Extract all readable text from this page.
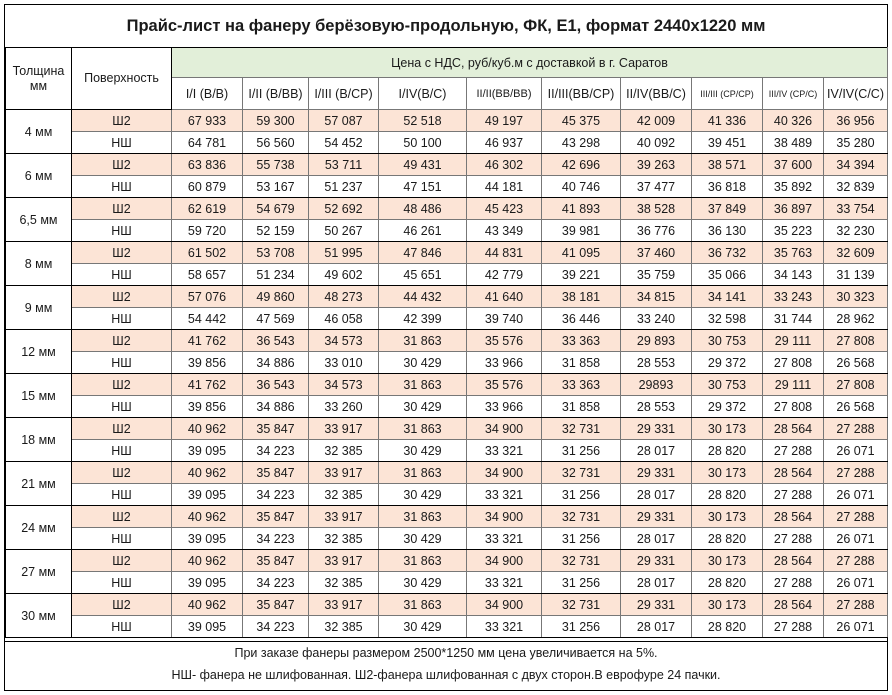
Прайс-лист на фанеру берёзовую-продольную, ФК, Е1, формат 2440х1220 мм
Толщина мм	Поверхность	Цена с НДС, руб/куб.м с доставкой в г. Саратов									
		I/I (B/B)	I/II (B/BB)	I/III (B/CP)	I/IV(B/C)	II/II(BB/BB)	II/III(BB/CP)	II/IV(BB/C)	III/III (CP/CP)	III/IV (CP/C)	IV/IV(C/C)
4 мм	Ш2	67 933	59 300	57 087	52 518	49 197	45 375	42 009	41 336	40 326	36 956
	НШ	64 781	56 560	54 452	50 100	46 937	43 298	40 092	39 451	38 489	35 280
6 мм	Ш2	63 836	55 738	53 711	49 431	46 302	42 696	39 263	38 571	37 600	34 394
	НШ	60 879	53 167	51 237	47 151	44 181	40 746	37 477	36 818	35 892	32 839
6,5 мм	Ш2	62 619	54 679	52 692	48 486	45 423	41 893	38 528	37 849	36 897	33 754
	НШ	59 720	52 159	50 267	46 261	43 349	39 981	36 776	36 130	35 223	32 230
8 мм	Ш2	61 502	53 708	51 995	47 846	44 831	41 095	37 460	36 732	35 763	32 609
	НШ	58 657	51 234	49 602	45 651	42 779	39 221	35 759	35 066	34 143	31 139
9 мм	Ш2	57 076	49 860	48 273	44 432	41 640	38 181	34 815	34 141	33 243	30 323
	НШ	54 442	47 569	46 058	42 399	39 740	36 446	33 240	32 598	31 744	28 962
12 мм	Ш2	41 762	36 543	34 573	31 863	35 576	33 363	29 893	30 753	29 111	27 808
	НШ	39 856	34 886	33 010	30 429	33 966	31 858	28 553	29 372	27 808	26 568
15 мм	Ш2	41 762	36 543	34 573	31 863	35 576	33 363	29893	30 753	29 111	27 808
	НШ	39 856	34 886	33 260	30 429	33 966	31 858	28 553	29 372	27 808	26 568
18 мм	Ш2	40 962	35 847	33 917	31 863	34 900	32 731	29 331	30 173	28 564	27 288
	НШ	39 095	34 223	32 385	30 429	33 321	31 256	28 017	28 820	27 288	26 071
21 мм	Ш2	40 962	35 847	33 917	31 863	34 900	32 731	29 331	30 173	28 564	27 288
	НШ	39 095	34 223	32 385	30 429	33 321	31 256	28 017	28 820	27 288	26 071
24 мм	Ш2	40 962	35 847	33 917	31 863	34 900	32 731	29 331	30 173	28 564	27 288
	НШ	39 095	34 223	32 385	30 429	33 321	31 256	28 017	28 820	27 288	26 071
27 мм	Ш2	40 962	35 847	33 917	31 863	34 900	32 731	29 331	30 173	28 564	27 288
	НШ	39 095	34 223	32 385	30 429	33 321	31 256	28 017	28 820	27 288	26 071
30 мм	Ш2	40 962	35 847	33 917	31 863	34 900	32 731	29 331	30 173	28 564	27 288
	НШ	39 095	34 223	32 385	30 429	33 321	31 256	28 017	28 820	27 288	26 071
При заказе фанеры размером 2500*1250 мм цена увеличивается на 5%.
НШ- фанера не шлифованная. Ш2-фанера шлифованная с двух сторон.В еврофуре 24 пачки.
